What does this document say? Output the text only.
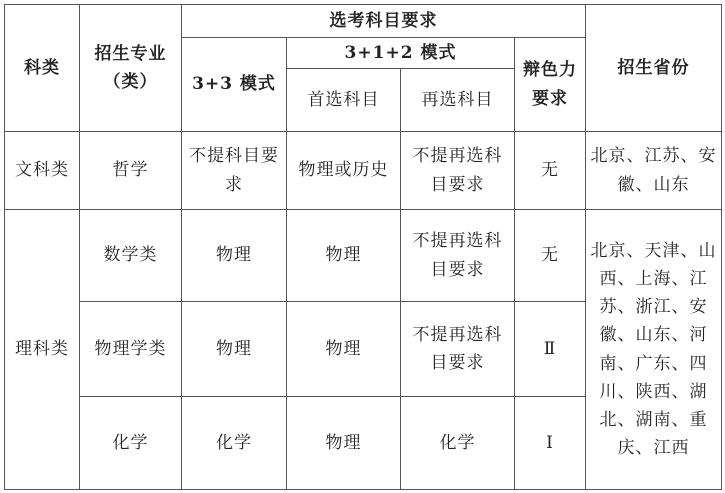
科类	招生专业（类）	选考科目要求				招生省份
		3+3 模式	3+1+2 模式		辩色力要求	
			首选科目	再选科目		
文科类	哲学	不提科目要求	物理或历史	不提再选科目要求	无	北京、江苏、安徽、山东
理科类	数学类	物理	物理	不提再选科目要求	无	北京、天津、山西、上海、江苏、浙江、安徽、山东、河南、广东、四川、陕西、湖北、湖南、重庆、江西
	物理学类	物理	物理	不提再选科目要求	Ⅱ	
	化学	化学	物理	化学	Ⅰ	
